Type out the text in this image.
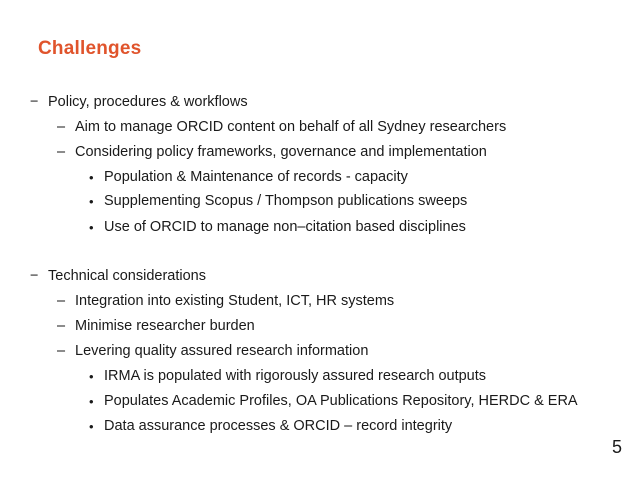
Challenges
− Policy, procedures & workflows
– Aim to manage ORCID content on behalf of all Sydney researchers
– Considering policy frameworks, governance and implementation
• Population & Maintenance of records - capacity
• Supplementing Scopus / Thompson publications sweeps
• Use of ORCID to manage non–citation based disciplines
− Technical considerations
– Integration into existing Student, ICT, HR systems
– Minimise researcher burden
– Levering quality assured research information
• IRMA is populated with rigorously assured research outputs
• Populates Academic Profiles, OA Publications Repository, HERDC & ERA
• Data assurance processes & ORCID – record integrity
5
